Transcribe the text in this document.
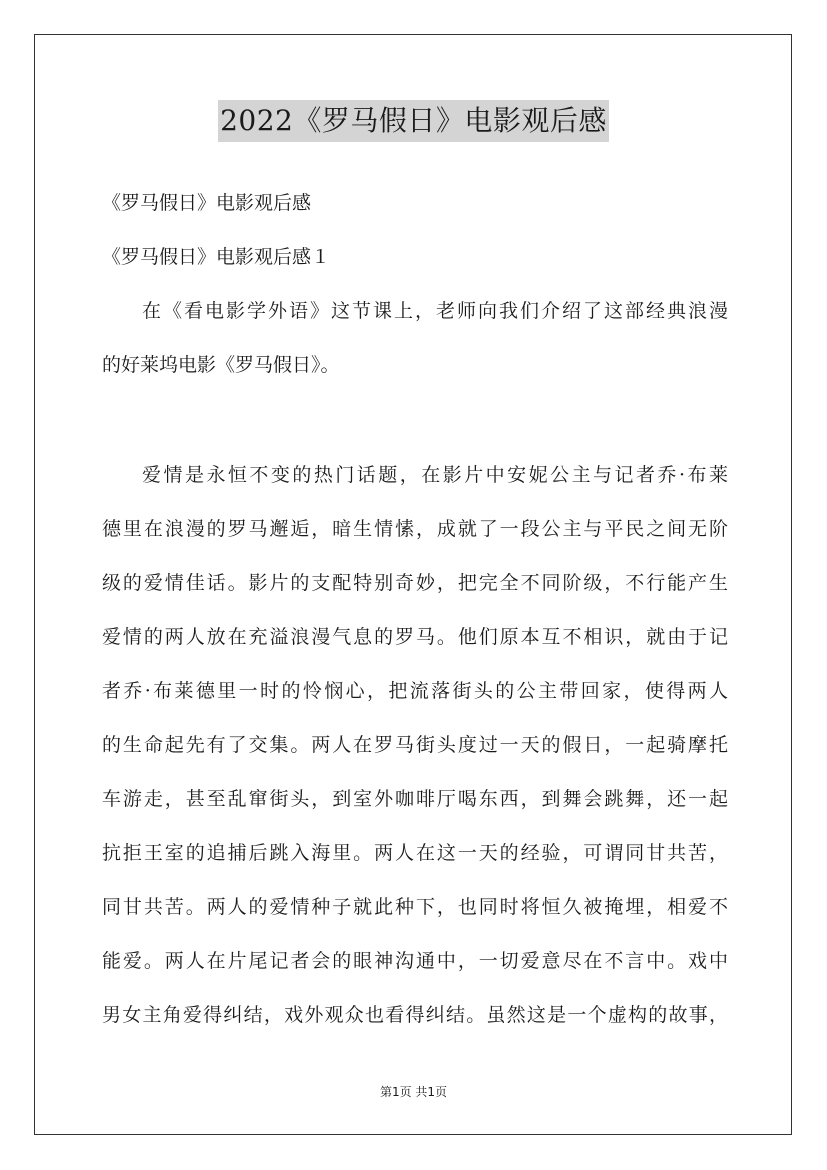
2022《罗马假日》电影观后感
《罗马假日》电影观后感
《罗马假日》电影观后感１
在《看电影学外语》这节课上，老师向我们介绍了这部经典浪漫
的好莱坞电影《罗马假日》。
爱情是永恒不变的热门话题，在影片中安妮公主与记者乔·布莱
德里在浪漫的罗马邂逅，暗生情愫，成就了一段公主与平民之间无阶
级的爱情佳话。影片的支配特别奇妙，把完全不同阶级，不行能产生
爱情的两人放在充溢浪漫气息的罗马。他们原本互不相识，就由于记
者乔·布莱德里一时的怜悯心，把流落街头的公主带回家，使得两人
的生命起先有了交集。两人在罗马街头度过一天的假日，一起骑摩托
车游走，甚至乱窜街头，到室外咖啡厅喝东西，到舞会跳舞，还一起
抗拒王室的追捕后跳入海里。两人在这一天的经验，可谓同甘共苦，
同甘共苦。两人的爱情种子就此种下，也同时将恒久被掩埋，相爱不
能爱。两人在片尾记者会的眼神沟通中，一切爱意尽在不言中。戏中
男女主角爱得纠结，戏外观众也看得纠结。虽然这是一个虚构的故事，
第1页 共1页
